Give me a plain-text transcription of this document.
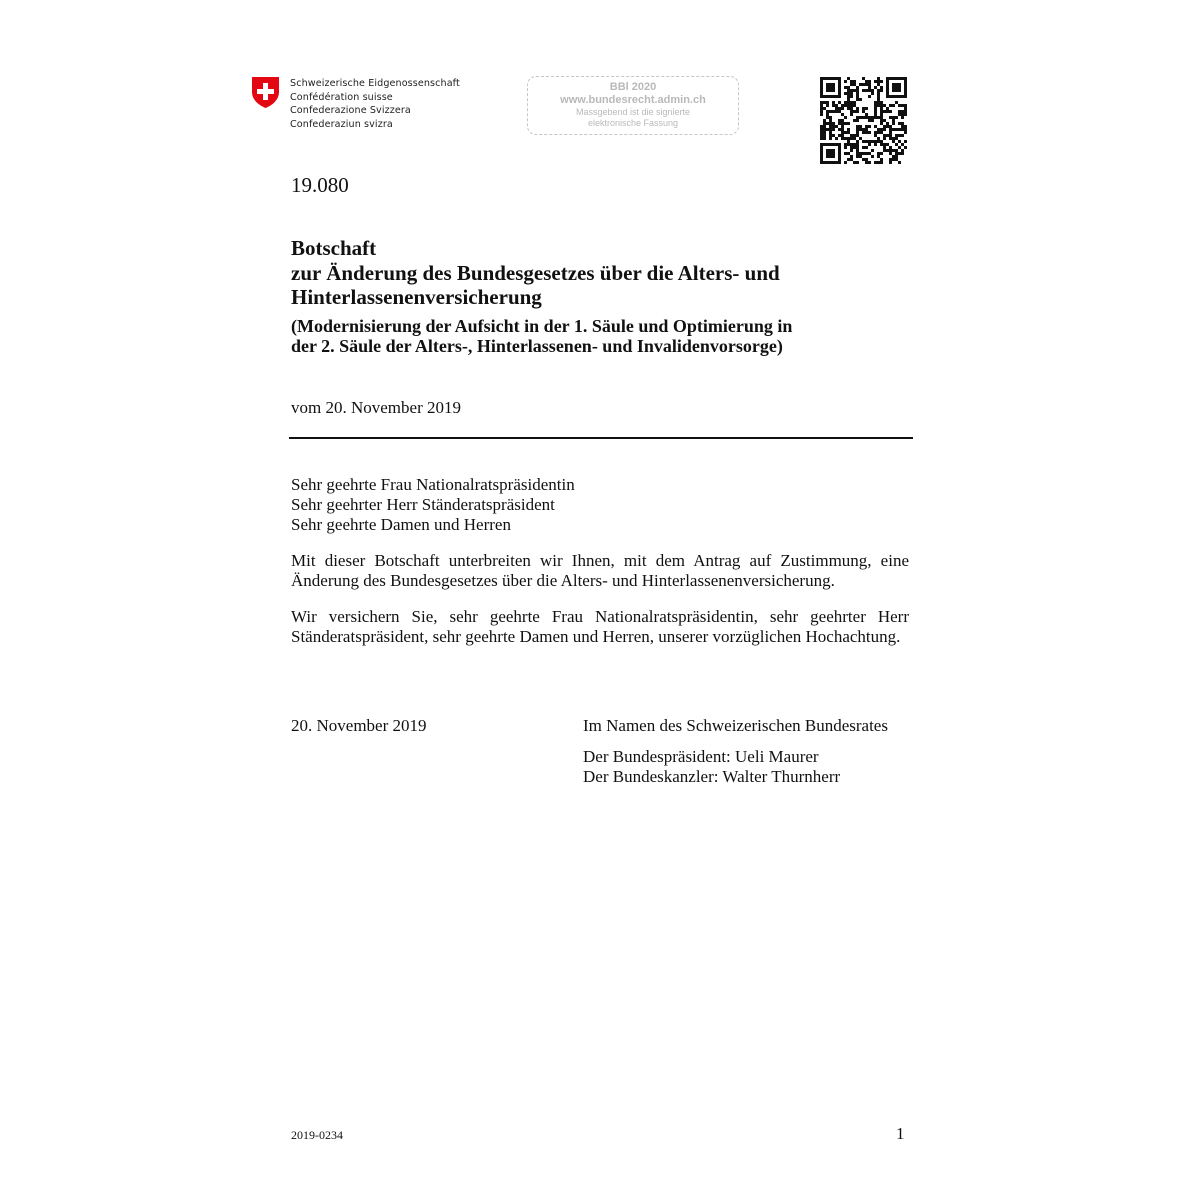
Schweizerische Eidgenossenschaft
Confédération suisse
Confederazione Svizzera
Confederaziun svizra
BBl 2020
www.bundesrecht.admin.ch
Massgebend ist die signierte
elektronische Fassung
19.080
Botschaft
zur Änderung des Bundesgesetzes über die Alters- und
Hinterlassenenversicherung
(Modernisierung der Aufsicht in der 1. Säule und Optimierung in
der 2. Säule der Alters-, Hinterlassenen- und Invalidenvorsorge)
vom 20. November 2019
Sehr geehrte Frau Nationalratspräsidentin
Sehr geehrter Herr Ständeratspräsident
Sehr geehrte Damen und Herren
Mit dieser Botschaft unterbreiten wir Ihnen, mit dem Antrag auf Zustimmung, eine Änderung des Bundesgesetzes über die Alters- und Hinterlassenenversicherung.
Wir versichern Sie, sehr geehrte Frau Nationalratspräsidentin, sehr geehrter Herr Ständeratspräsident, sehr geehrte Damen und Herren, unserer vorzüglichen Hochachtung.
20. November 2019	Im Namen des Schweizerischen Bundesrates
Der Bundespräsident: Ueli Maurer
Der Bundeskanzler: Walter Thurnherr
2019-0234	1
